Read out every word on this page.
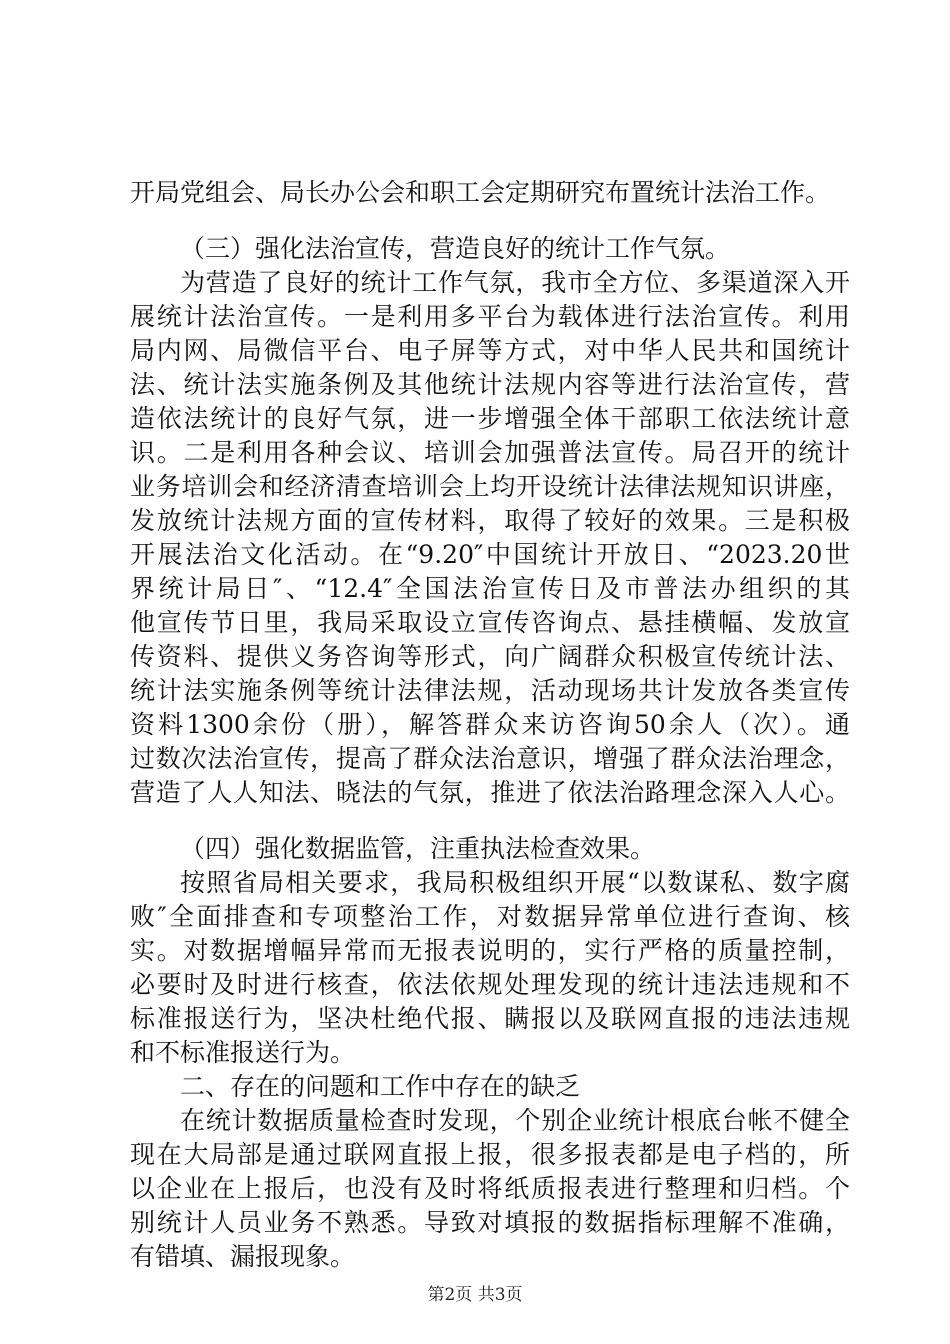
开局党组会、局长办公会和职工会定期研究布置统计法治工作。
（三）强化法治宣传，营造良好的统计工作气氛。
为营造了良好的统计工作气氛，我市全方位、多渠道深入开
展统计法治宣传。一是利用多平台为载体进行法治宣传。利用
局内网、局微信平台、电子屏等方式，对中华人民共和国统计
法、统计法实施条例及其他统计法规内容等进行法治宣传，营
造依法统计的良好气氛，进一步增强全体干部职工依法统计意
识。二是利用各种会议、培训会加强普法宣传。局召开的统计
业务培训会和经济清查培训会上均开设统计法律法规知识讲座，
发放统计法规方面的宣传材料，取得了较好的效果。三是积极
开展法治文化活动。在“9.20″中国统计开放日、“2023.20世
界统计局日″、“12.4″全国法治宣传日及市普法办组织的其
他宣传节日里，我局采取设立宣传咨询点、悬挂横幅、发放宣
传资料、提供义务咨询等形式，向广阔群众积极宣传统计法、
统计法实施条例等统计法律法规，活动现场共计发放各类宣传
资料1300余份（册），解答群众来访咨询50余人（次）。通
过数次法治宣传，提高了群众法治意识，增强了群众法治理念，
营造了人人知法、晓法的气氛，推进了依法治路理念深入人心。
（四）强化数据监管，注重执法检查效果。
按照省局相关要求，我局积极组织开展“以数谋私、数字腐
败″全面排查和专项整治工作，对数据异常单位进行查询、核
实。对数据增幅异常而无报表说明的，实行严格的质量控制，
必要时及时进行核查，依法依规处理发现的统计违法违规和不
标准报送行为，坚决杜绝代报、瞒报以及联网直报的违法违规
和不标准报送行为。
二、存在的问题和工作中存在的缺乏
在统计数据质量检查时发现，个别企业统计根底台帐不健全
现在大局部是通过联网直报上报，很多报表都是电子档的，所
以企业在上报后，也没有及时将纸质报表进行整理和归档。个
别统计人员业务不熟悉。导致对填报的数据指标理解不准确，
有错填、漏报现象。
第2页 共3页
